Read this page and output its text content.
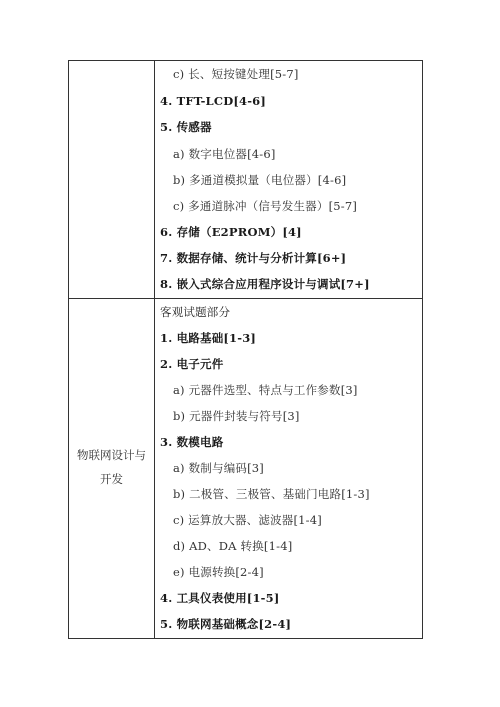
c) 长、短按键处理[5-7]
4. TFT-LCD[4-6]
5. 传感器
a) 数字电位器[4-6]
b) 多通道模拟量（电位器）[4-6]
c) 多通道脉冲（信号发生器）[5-7]
6. 存储（E2PROM）[4]
7. 数据存储、统计与分析计算[6+]
8. 嵌入式综合应用程序设计与调试[7+]
物联网设计与
开发
客观试题部分
1. 电路基础[1-3]
2. 电子元件
a) 元器件选型、特点与工作参数[3]
b) 元器件封装与符号[3]
3. 数模电路
a) 数制与编码[3]
b) 二极管、三极管、基础门电路[1-3]
c) 运算放大器、滤波器[1-4]
d) AD、DA 转换[1-4]
e) 电源转换[2-4]
4. 工具仪表使用[1-5]
5. 物联网基础概念[2-4]
